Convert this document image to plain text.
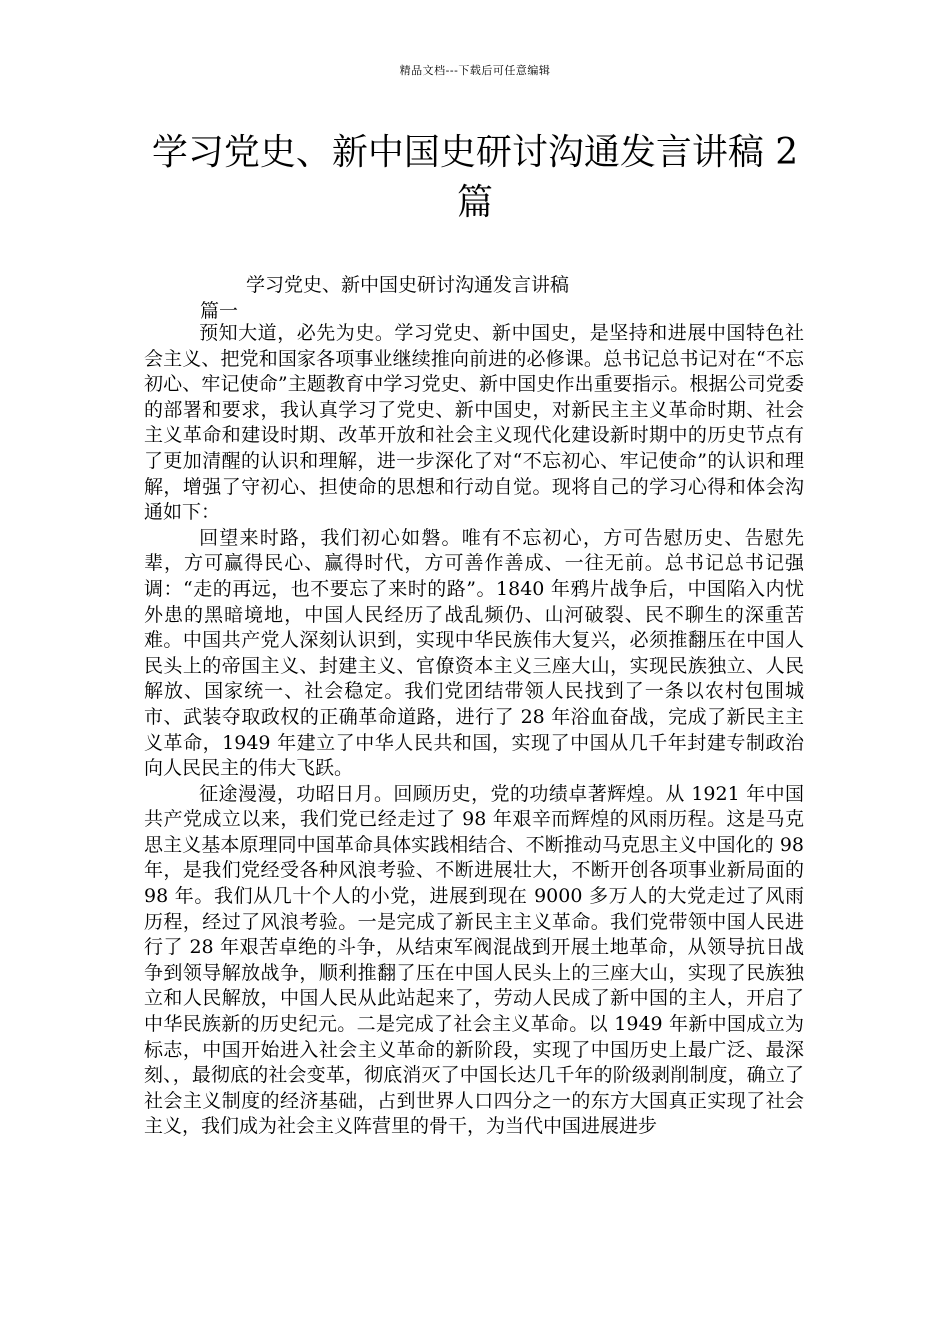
精品文档---下载后可任意编辑
学习党史、新中国史研讨沟通发言讲稿 2 篇
学习党史、新中国史研讨沟通发言讲稿
篇一

预知大道，必先为史。学习党史、新中国史，是坚持和进展中国特色社会主义、把党和国家各项事业继续推向前进的必修课。总书记总书记对在“不忘初心、牢记使命”主题教育中学习党史、新中国史作出重要指示。根据公司党委的部署和要求，我认真学习了党史、新中国史，对新民主主义革命时期、社会主义革命和建设时期、改革开放和社会主义现代化建设新时期中的历史节点有了更加清醒的认识和理解，进一步深化了对“不忘初心、牢记使命”的认识和理解，增强了守初心、担使命的思想和行动自觉。现将自己的学习心得和体会沟通如下：

回望来时路，我们初心如磐。唯有不忘初心，方可告慰历史、告慰先辈，方可赢得民心、赢得时代，方可善作善成、一往无前。总书记总书记强调：“走的再远，也不要忘了来时的路”。1840 年鸦片战争后，中国陷入内忧外患的黑暗境地，中国人民经历了战乱频仍、山河破裂、民不聊生的深重苦难。中国共产党人深刻认识到，实现中华民族伟大复兴，必须推翻压在中国人民头上的帝国主义、封建主义、官僚资本主义三座大山，实现民族独立、人民解放、国家统一、社会稳定。我们党团结带领人民找到了一条以农村包围城市、武装夺取政权的正确革命道路，进行了 28 年浴血奋战，完成了新民主主义革命，1949 年建立了中华人民共和国，实现了中国从几千年封建专制政治向人民民主的伟大飞跃。

征途漫漫，功昭日月。回顾历史，党的功绩卓著辉煌。从 1921 年中国共产党成立以来，我们党已经走过了 98 年艰辛而辉煌的风雨历程。这是马克思主义基本原理同中国革命具体实践相结合、不断推动马克思主义中国化的 98 年，是我们党经受各种风浪考验、不断进展壮大，不断开创各项事业新局面的 98 年。我们从几十个人的小党，进展到现在 9000 多万人的大党走过了风雨历程，经过了风浪考验。一是完成了新民主主义革命。我们党带领中国人民进行了 28 年艰苦卓绝的斗争，从结束军阀混战到开展土地革命，从领导抗日战争到领导解放战争，顺利推翻了压在中国人民头上的三座大山，实现了民族独立和人民解放，中国人民从此站起来了，劳动人民成了新中国的主人，开启了中华民族新的历史纪元。二是完成了社会主义革命。以 1949 年新中国成立为标志，中国开始进入社会主义革命的新阶段，实现了中国历史上最广泛、最深刻、，最彻底的社会变革，彻底消灭了中国长达几千年的阶级剥削制度，确立了社会主义制度的经济基础，占到世界人口四分之一的东方大国真正实现了社会主义，我们成为社会主义阵营里的骨干，为当代中国进展进步
